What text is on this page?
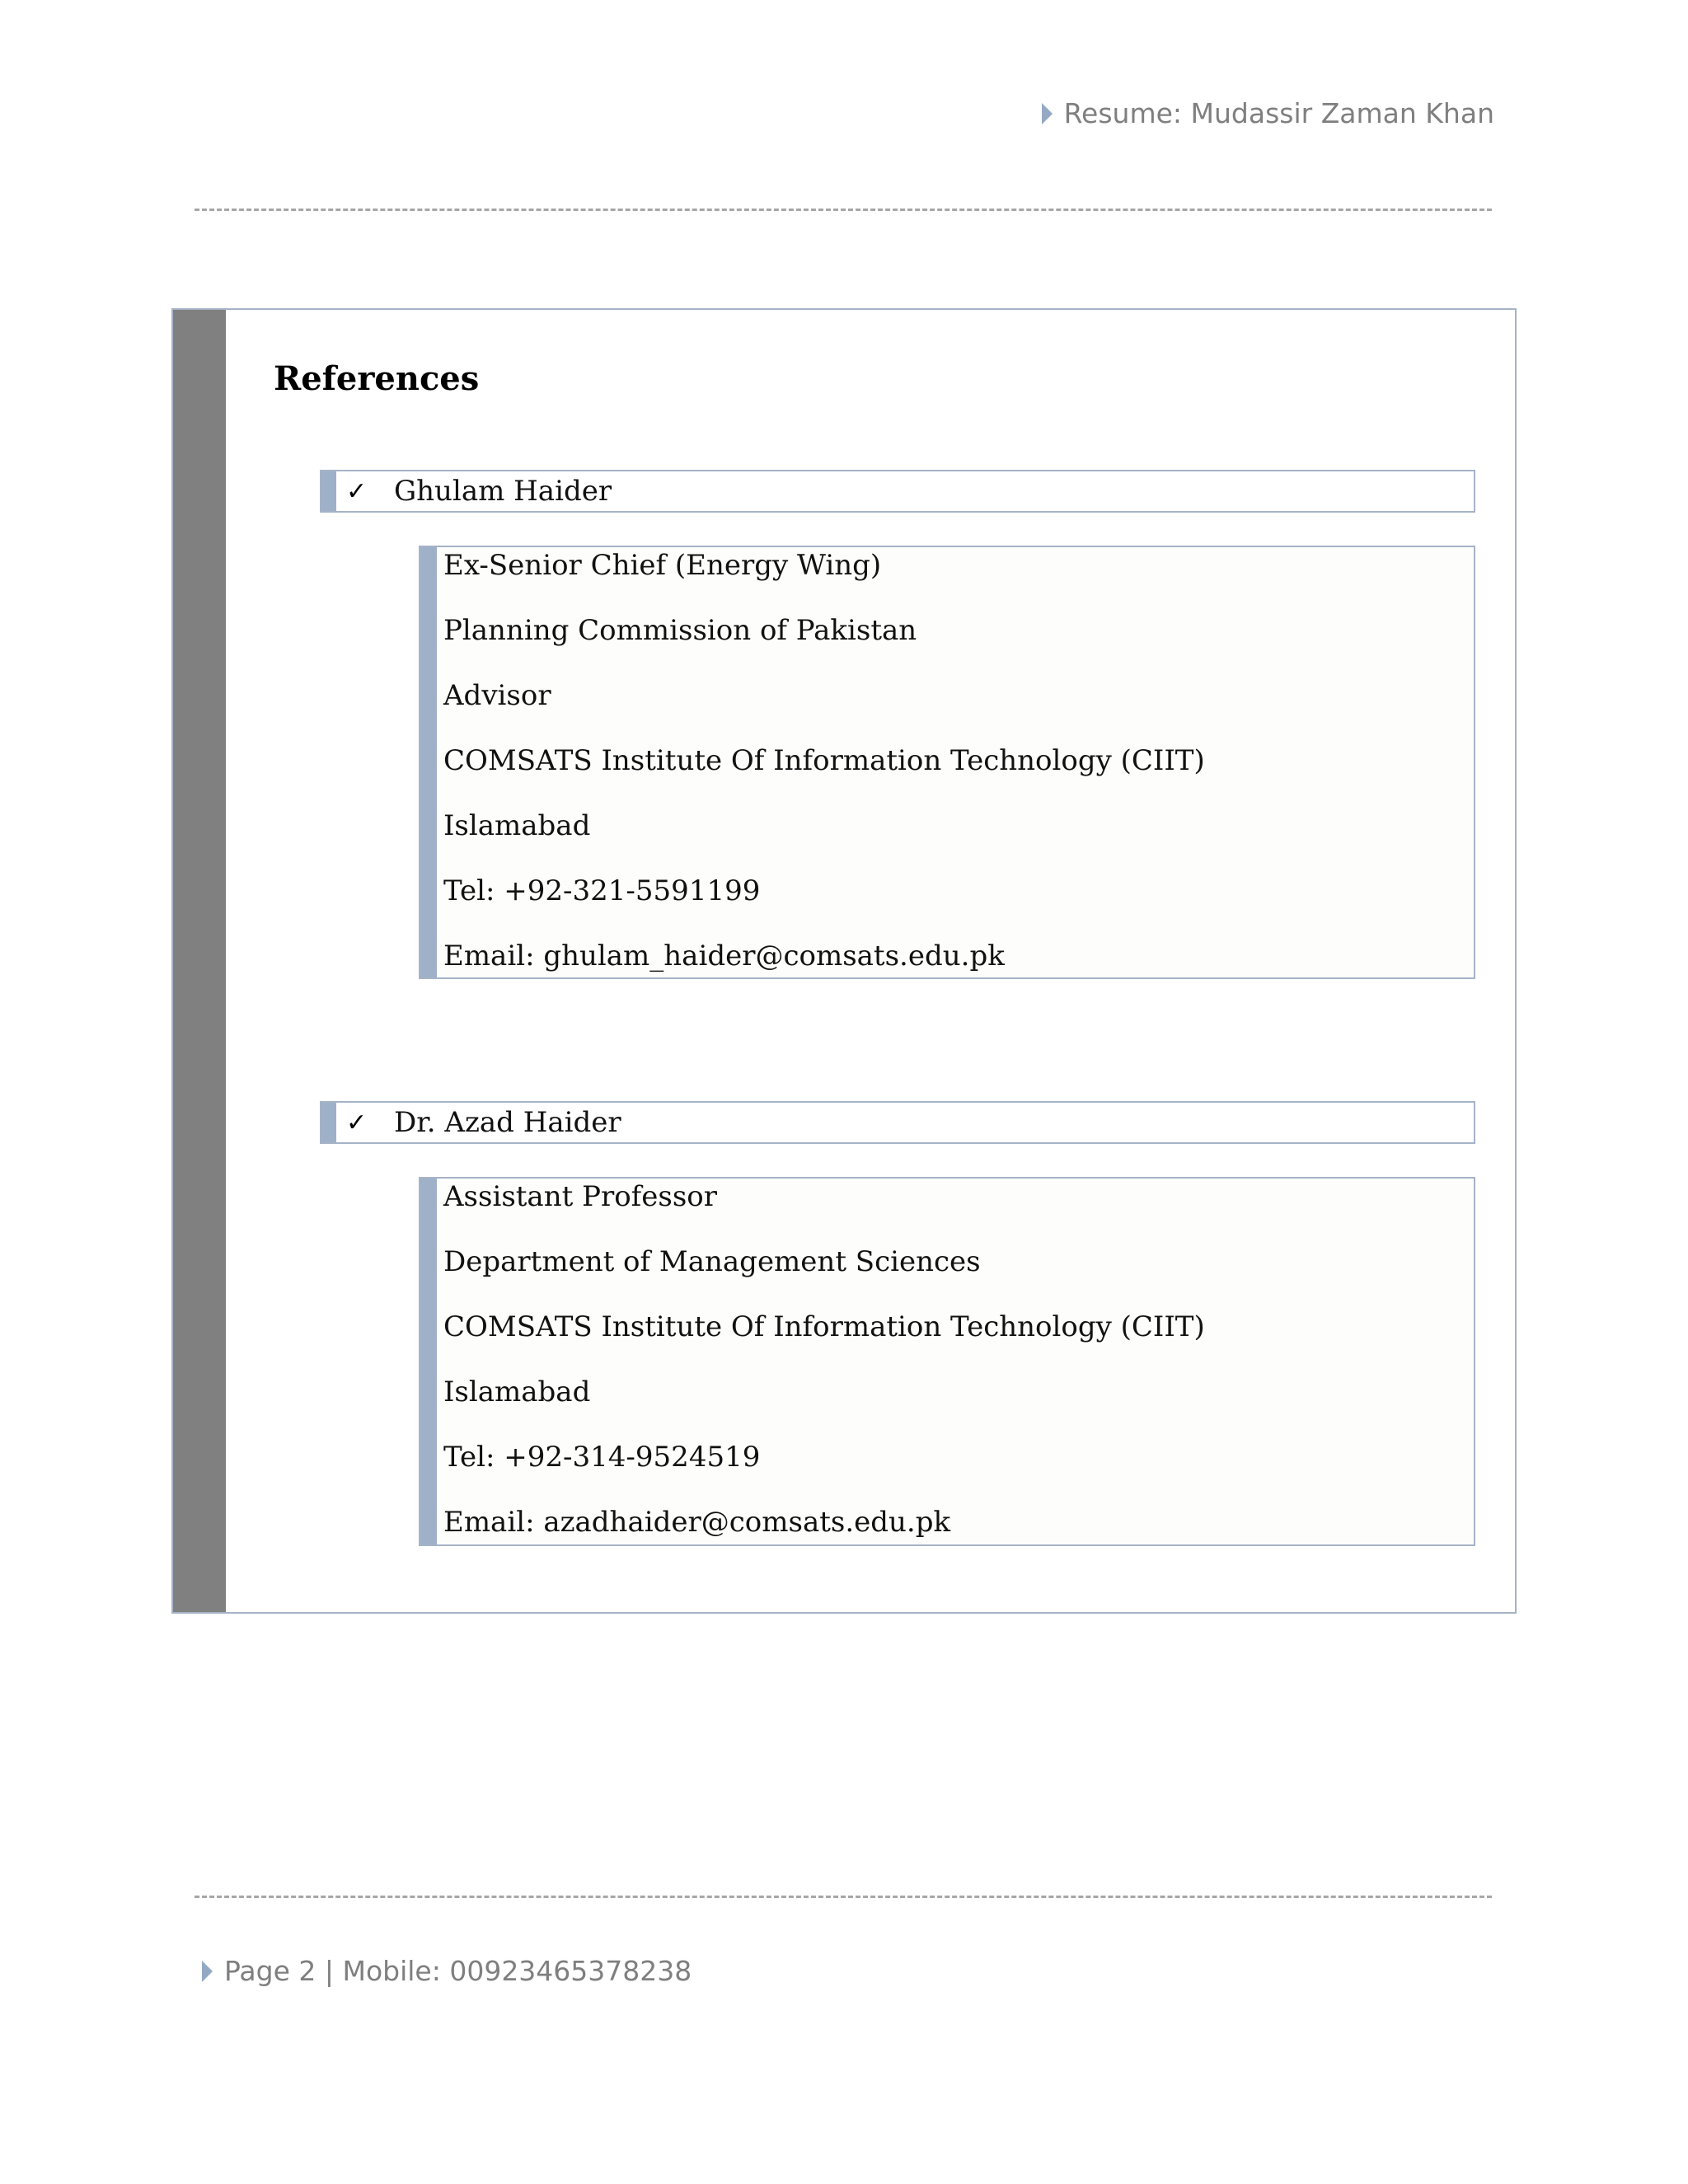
Resume: Mudassir Zaman Khan
References
✓ Ghulam Haider
Ex-Senior Chief (Energy Wing)
Planning Commission of Pakistan
Advisor
COMSATS Institute Of Information Technology (CIIT)
Islamabad
Tel: +92-321-5591199
Email: ghulam_haider@comsats.edu.pk
✓ Dr. Azad Haider
Assistant Professor
Department of Management Sciences
COMSATS Institute Of Information Technology (CIIT)
Islamabad
Tel: +92-314-9524519
Email: azadhaider@comsats.edu.pk
Page 2 | Mobile: 00923465378238
